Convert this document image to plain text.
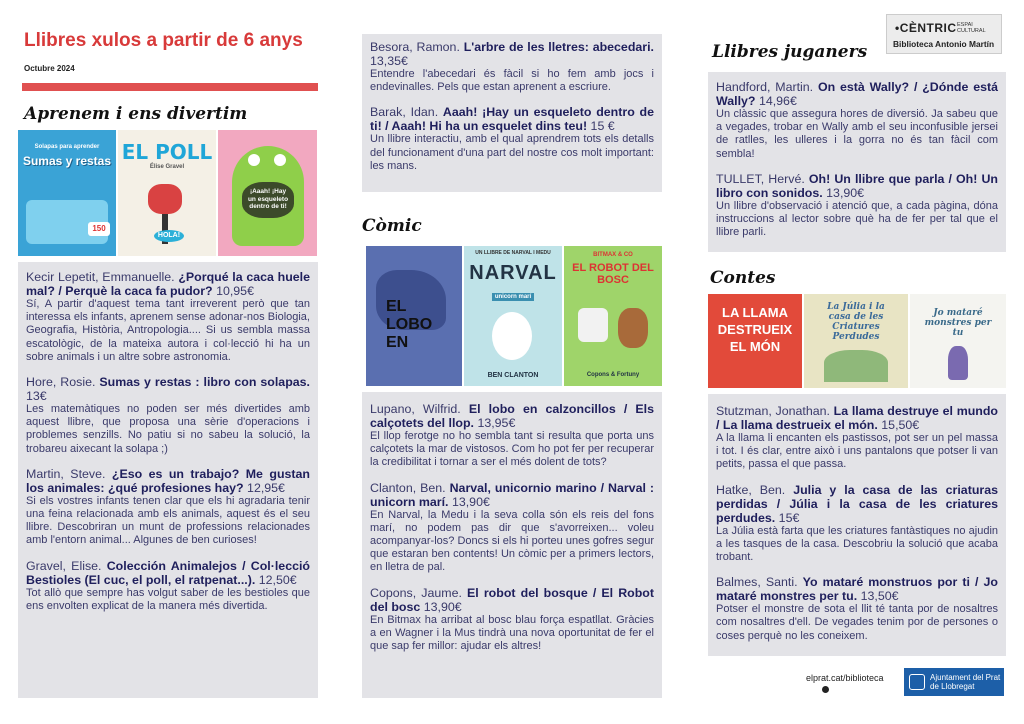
Llibres xulos a partir de 6 anys
Octubre 2024
•CÈNTRIC ESPAI CULTURAL
Biblioteca Antonio Martín
Aprenem i ens divertim
Còmic
Llibres juganers
Contes
Solapas para aprender
Sumas y restas
150
EL POLL
Élise Gravel
HOLA!
¡Aaah! ¡Hay un esqueleto dentro de ti!
Kecir Lepetit, Emmanuelle. ¿Porqué la caca huele mal? / Perquè la caca fa pudor? 10,95€
Sí, A partir d'aquest tema tant irreverent però que tan interessa els infants, aprenem sense adonar-nos Biologia, Geografia, Història, Antropologia.... Si us sembla massa escatològic, de la mateixa autora i col·lecció hi ha un sobre animals i un altre sobre astronomia.
Hore, Rosie. Sumas y restas : libro con solapas. 13€
Les matemàtiques no poden ser més divertides amb aquest llibre, que proposa una sèrie d'operacions i problemes senzills. No patiu si no sabeu la solució, la trobareu aixecant la solapa ;)
Martin, Steve. ¿Eso es un trabajo? Me gustan los animales: ¿qué profesiones hay? 12,95€
Si els vostres infants tenen clar que els hi agradaria tenir una feina relacionada amb els animals, aquest és el seu llibre. Descobriran un munt de professions relacionades amb l'entorn animal... Algunes de ben curioses!
Gravel, Elise. Colección Animalejos / Col·lecció Bestioles (El cuc, el poll, el ratpenat...). 12,50€
Tot allò que sempre has volgut saber de les bestioles que ens envolten explicat de la manera més divertida.
Besora, Ramon. L'arbre de les lletres: abecedari. 13,35€
Entendre l'abecedari és fàcil si ho fem amb jocs i endevinalles. Pels que estan aprenent a escriure.
Barak, Idan. Aaah! ¡Hay un esqueleto dentro de ti! / Aaah! Hi ha un esquelet dins teu! 15 €
Un llibre interactiu, amb el qual aprendrem tots els detalls del funcionament d'una part del nostre cos molt important: les mans.
EL LOBO EN
UN LLIBRE DE NARVAL I MEDU
NARVAL
unicorn marí
BEN CLANTON
BITMAX & CO
EL ROBOT DEL BOSC
Copons & Fortuny
Lupano, Wilfrid. El lobo en calzoncillos / Els calçotets del llop. 13,95€
El llop ferotge no ho sembla tant si resulta que porta uns calçotets la mar de vistosos. Com ho pot fer per recuperar la credibilitat i tornar a ser el més dolent de tots?
Clanton, Ben. Narval, unicornio marino / Narval : unicorn marí. 13,90€
En Narval, la Medu i la seva colla són els reis del fons marí, no podem pas dir que s'avorreixen... voleu acompanyar-los? Doncs si els hi porteu unes gofres segur que estaran ben contents! Un còmic per a primers lectors, en lletra de pal.
Copons, Jaume. El robot del bosque / El Robot del bosc 13,90€
En Bitmax ha arribat al bosc blau força espatllat. Gràcies a en Wagner i la Mus tindrà una nova oportunitat de fer el que sap fer millor: ajudar els altres!
Handford, Martin. On està Wally? / ¿Dónde está Wally? 14,96€
Un clàssic que assegura hores de diversió. Ja sabeu que a vegades, trobar en Wally amb el seu inconfusible jersei de ratlles, les ulleres i la gorra no és tan fàcil com sembla!
TULLET, Hervé. Oh! Un llibre que parla / Oh! Un libro con sonidos. 13,90€
Un llibre d'observació i atenció que, a cada pàgina, dóna instruccions al lector sobre què ha de fer per tal que el llibre parli.
LA LLAMA DESTRUEIX EL MÓN
La Júlia i la casa de les Criatures Perdudes
Jo mataré monstres per tu
Stutzman, Jonathan. La llama destruye el mundo / La llama destrueix el món. 15,50€
A la llama li encanten els pastissos, pot ser un pel massa i tot. I és clar, entre això i uns pantalons que potser li van petits, passa el que passa.
Hatke, Ben. Julia y la casa de las criaturas perdidas / Júlia i la casa de les criatures perdudes. 15€
La Júlia està farta que les criatures fantàstiques no ajudin a les tasques de la casa. Descobriu la solució que acaba trobant.
Balmes, Santi. Yo mataré monstruos por ti / Jo mataré monstres per tu. 13,50€
Potser el monstre de sota el llit té tanta por de nosaltres com nosaltres d'ell. De vegades tenim por de persones o coses perquè no les coneixem.
elprat.cat/biblioteca	Ajuntament del Prat de Llobregat
